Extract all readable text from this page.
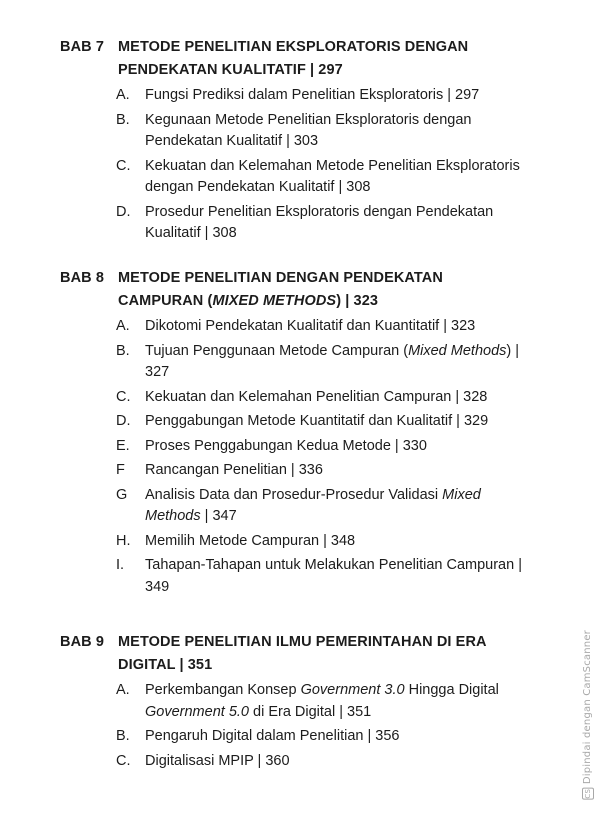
BAB 7 METODE PENELITIAN EKSPLORATORIS DENGAN PENDEKATAN KUALITATIF | 297
A.	Fungsi Prediksi dalam Penelitian Eksploratoris | 297
B.	Kegunaan Metode Penelitian Eksploratoris dengan Pendekatan Kualitatif | 303
C.	Kekuatan dan Kelemahan Metode Penelitian Eksploratoris dengan Pendekatan Kualitatif | 308
D.	Prosedur Penelitian Eksploratoris dengan Pendekatan Kualitatif | 308
BAB 8 METODE PENELITIAN DENGAN PENDEKATAN CAMPURAN (MIXED METHODS) | 323
A.	Dikotomi Pendekatan Kualitatif dan Kuantitatif | 323
B.	Tujuan Penggunaan Metode Campuran (Mixed Methods) | 327
C.	Kekuatan dan Kelemahan Penelitian Campuran | 328
D.	Penggabungan Metode Kuantitatif dan Kualitatif | 329
E.	Proses Penggabungan Kedua Metode | 330
F	Rancangan Penelitian | 336
G	Analisis Data dan Prosedur-Prosedur Validasi Mixed Methods | 347
H.	Memilih Metode Campuran | 348
I.	Tahapan-Tahapan untuk Melakukan Penelitian Campuran | 349
BAB 9 METODE PENELITIAN ILMU PEMERINTAHAN DI ERA DIGITAL | 351
A.	Perkembangan Konsep Government 3.0 Hingga Digital Government 5.0 di Era Digital | 351
B.	Pengaruh Digital dalam Penelitian | 356
C.	Digitalisasi MPIP | 360
CS Dipindai dengan CamScanner
